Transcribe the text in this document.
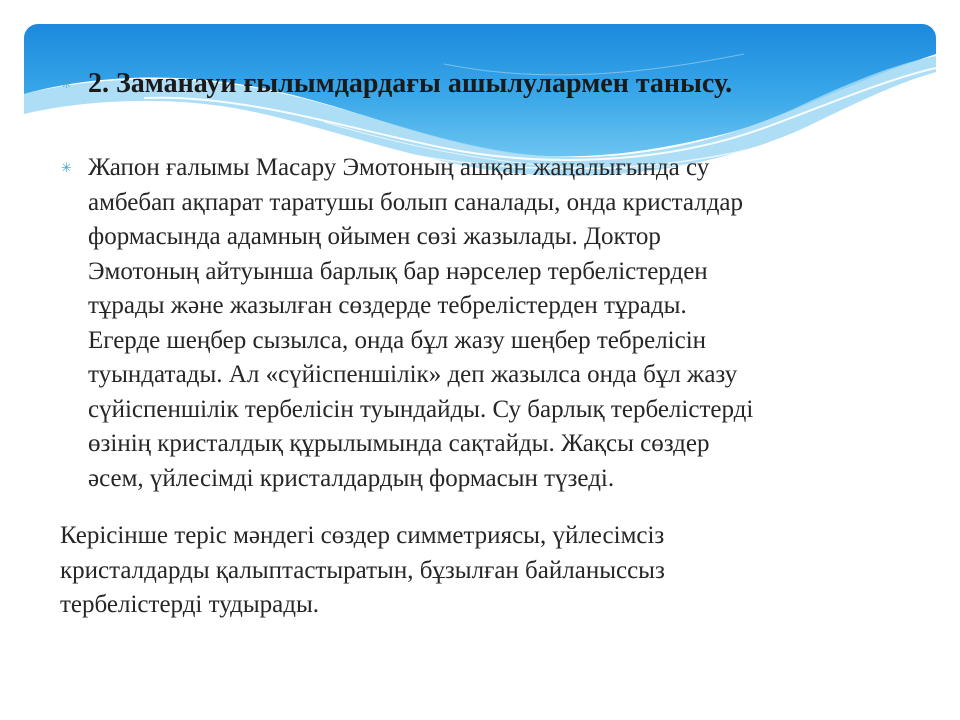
✳ 2. Заманауи ғылымдардағы ашылулармен танысу.
✳ Жапон ғалымы Масару Эмотоның ашқан жаңалығында су
амбебап ақпарат таратушы болып саналады, онда кристалдар
формасында адамның ойымен сөзі жазылады. Доктор
Эмотоның айтуынша барлық бар нәрселер тербелістерден
тұрады және жазылған сөздерде тебрелістерден тұрады.
Егерде шеңбер сызылса, онда бұл жазу шеңбер тебрелісін
туындатады. Ал «сүйіспеншілік» деп жазылса онда бұл жазу
сүйіспеншілік тербелісін туындайды. Су барлық тербелістерді
өзінің кристалдық құрылымында сақтайды. Жақсы сөздер
әсем, үйлесімді кристалдардың формасын түзеді.

Керісінше теріс мәндегі сөздер симметриясы, үйлесімсіз
кристалдарды қалыптастыратын, бұзылған байланыссыз
тербелістерді тудырады.
